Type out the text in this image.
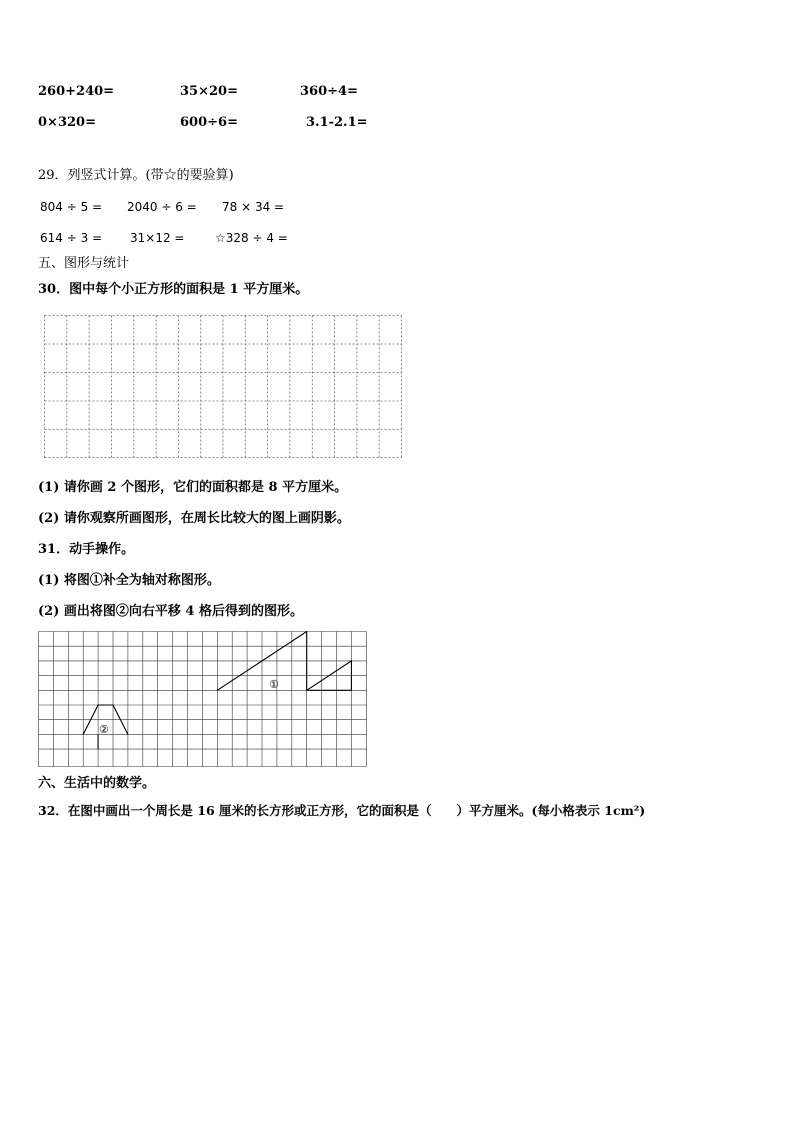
260+240=	35×20=	360÷4=
0×320=	600÷6=	3.1-2.1=
29．列竖式计算。(带☆的要验算)
804 ÷ 5 = 2040 ÷ 6 = 78 × 34 =
614 ÷ 3 = 31×12 =	☆328 ÷ 4 =
五、图形与统计
30．图中每个小正方形的面积是 1 平方厘米。
(1) 请你画 2 个图形，它们的面积都是 8 平方厘米。
(2) 请你观察所画图形，在周长比较大的图上画阴影。
31．动手操作。
(1) 将图①补全为轴对称图形。
(2) 画出将图②向右平移 4 格后得到的图形。
①
②
六、生活中的数学。
32．在图中画出一个周长是 16 厘米的长方形或正方形，它的面积是（　　）平方厘米。(每小格表示 1cm²)
